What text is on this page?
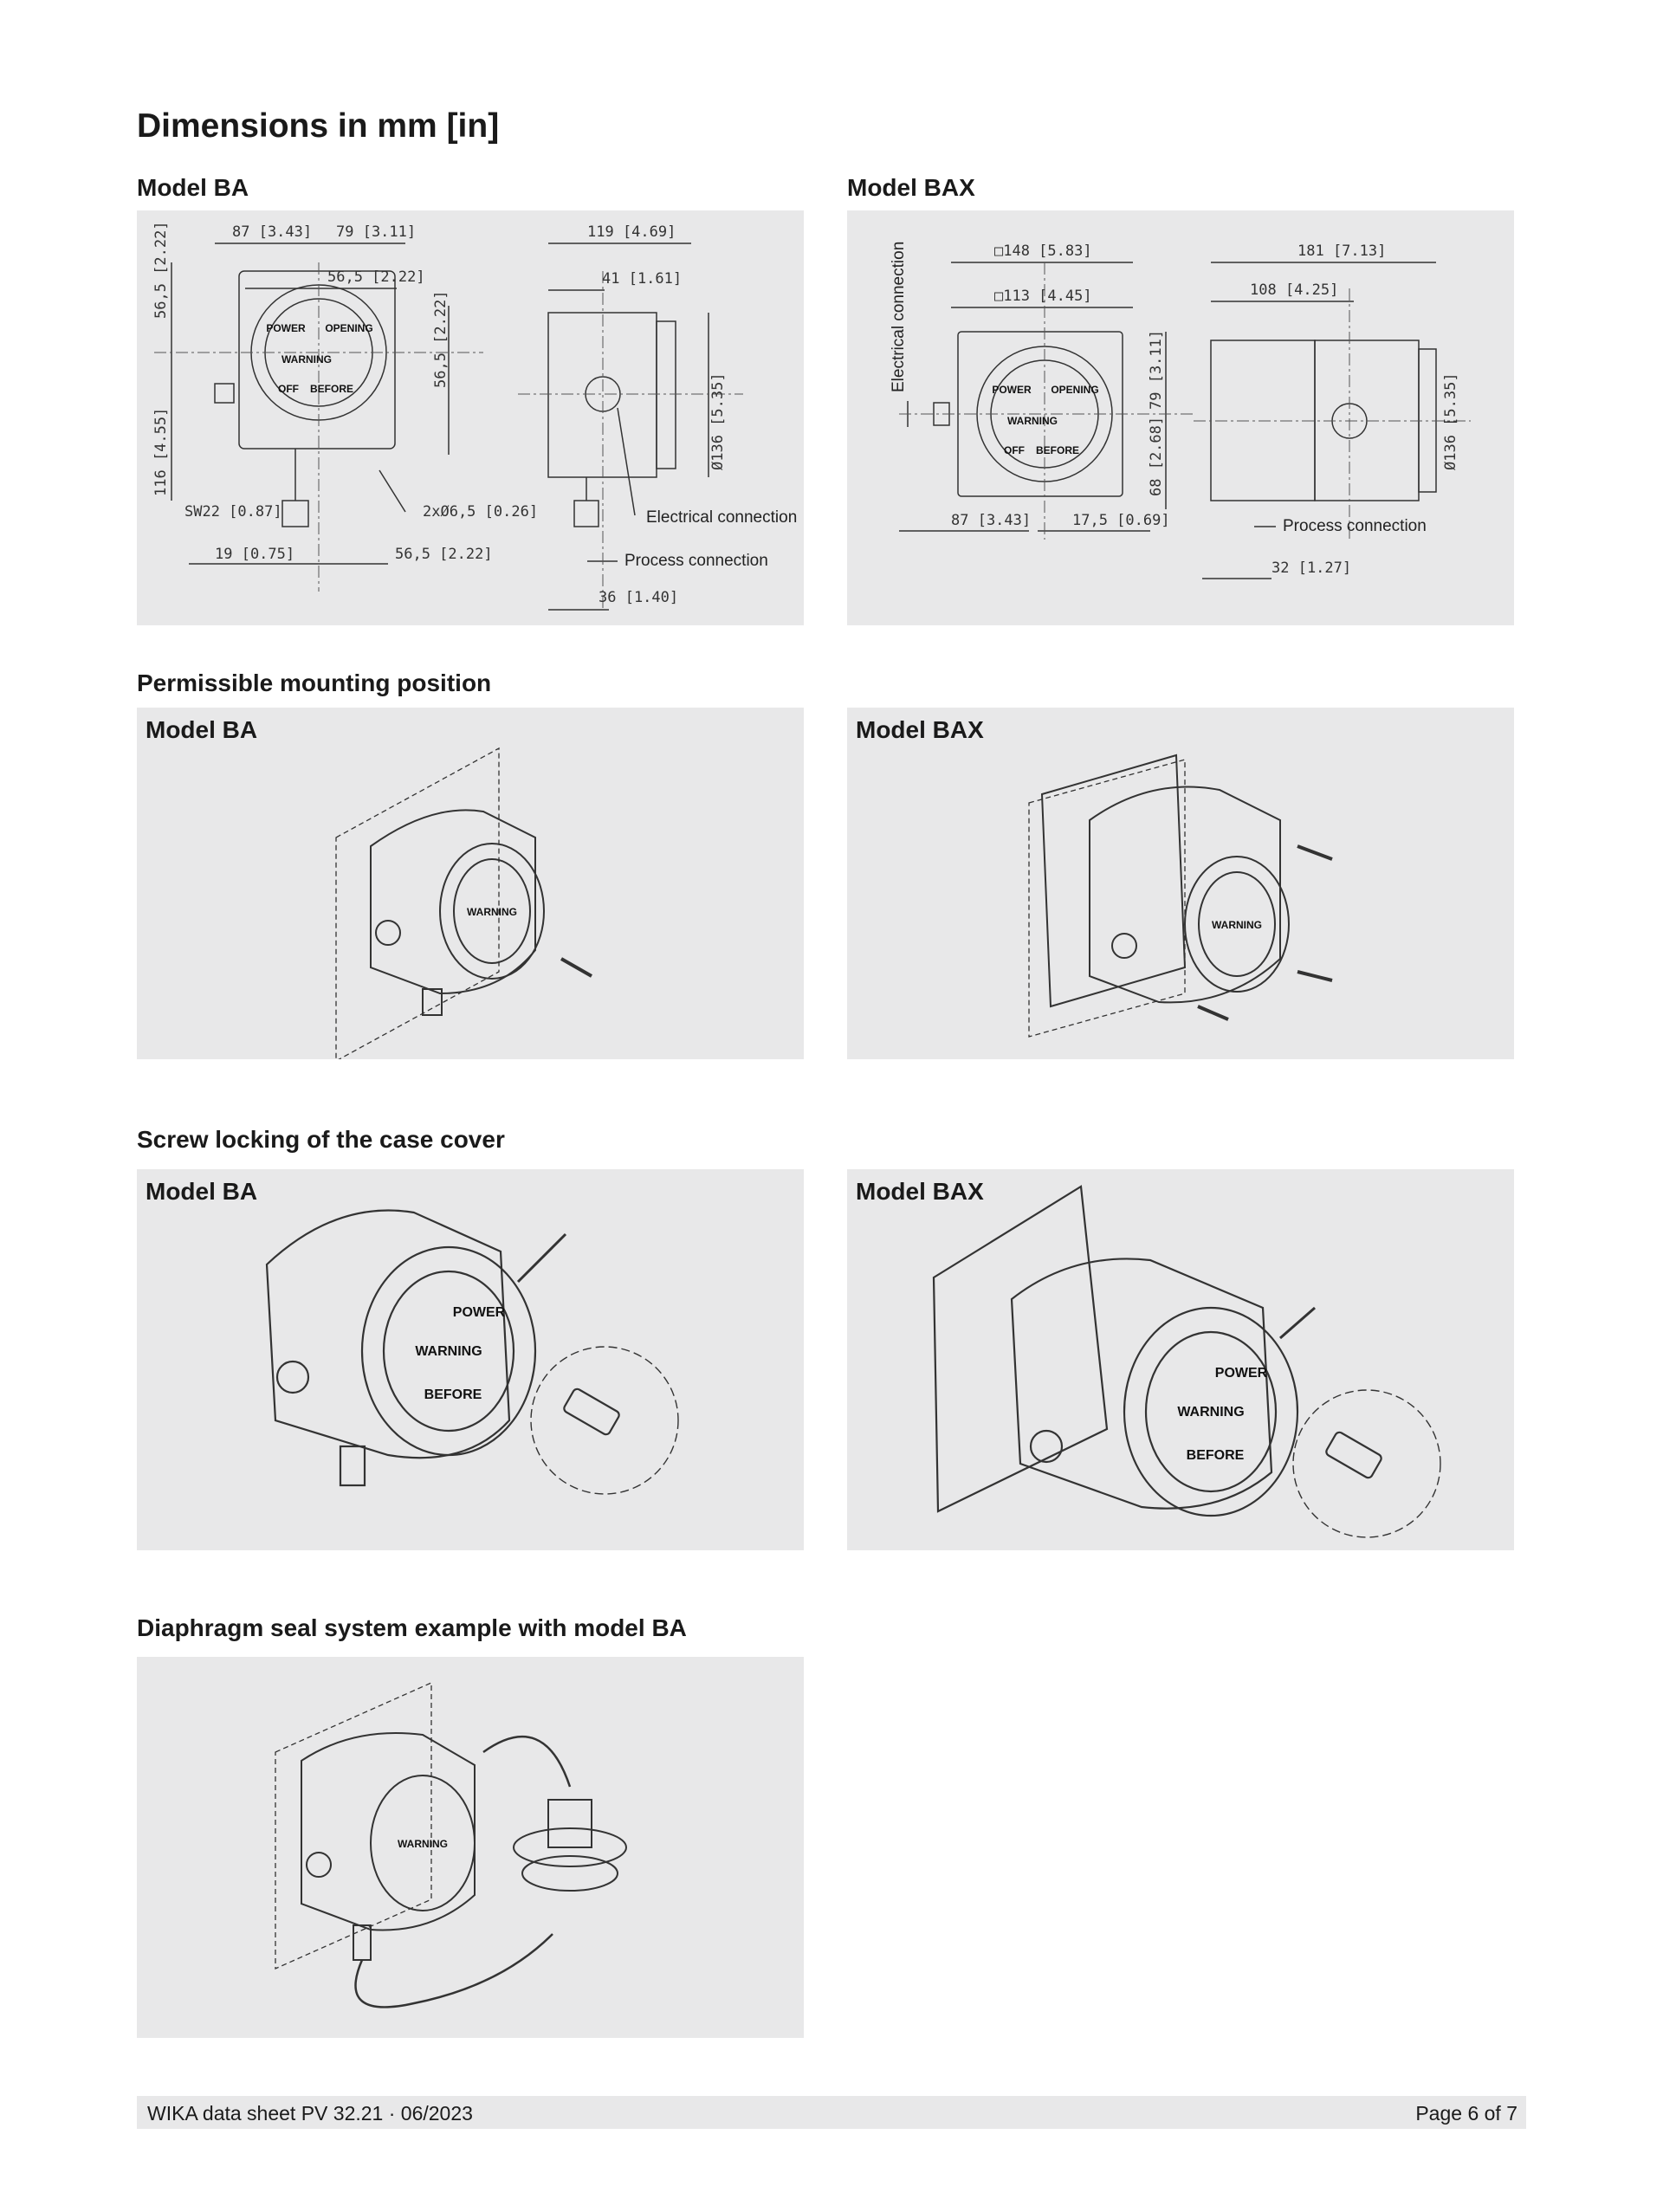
Dimensions in mm [in]
Model BA
WARNING
POWER OPENING
OFF BEFORE
87 [3.43] 79 [3.11]
56,5 [2.22]
56,5 [2.22]
56,5 [2.22]
116 [4.55]
SW22 [0.87]
19 [0.75]	56,5 [2.22]
2xØ6,5 [0.26]
119 [4.69]
41 [1.61]
Ø136 [5.35]
36 [1.40]
Electrical connection
Process connection
Model BAX
WARNING
POWER OPENING
OFF BEFORE
□148 [5.83]
□113 [4.45]
79 [3.11]
68 [2.68]
87 [3.43]	17,5 [0.69]
181 [7.13]
108 [4.25]
Ø136 [5.35]
32 [1.27]
Electrical connection
Process connection
Permissible mounting position
Model BA
WARNING
Model BAX
WARNING
Screw locking of the case cover
Model BA
WARNING
POWER
BEFORE
Model BAX
WARNING
POWER
BEFORE
Diaphragm seal system example with model BA
WARNING
WIKA data sheet PV 32.21 · 06/2023	Page 6 of 7
